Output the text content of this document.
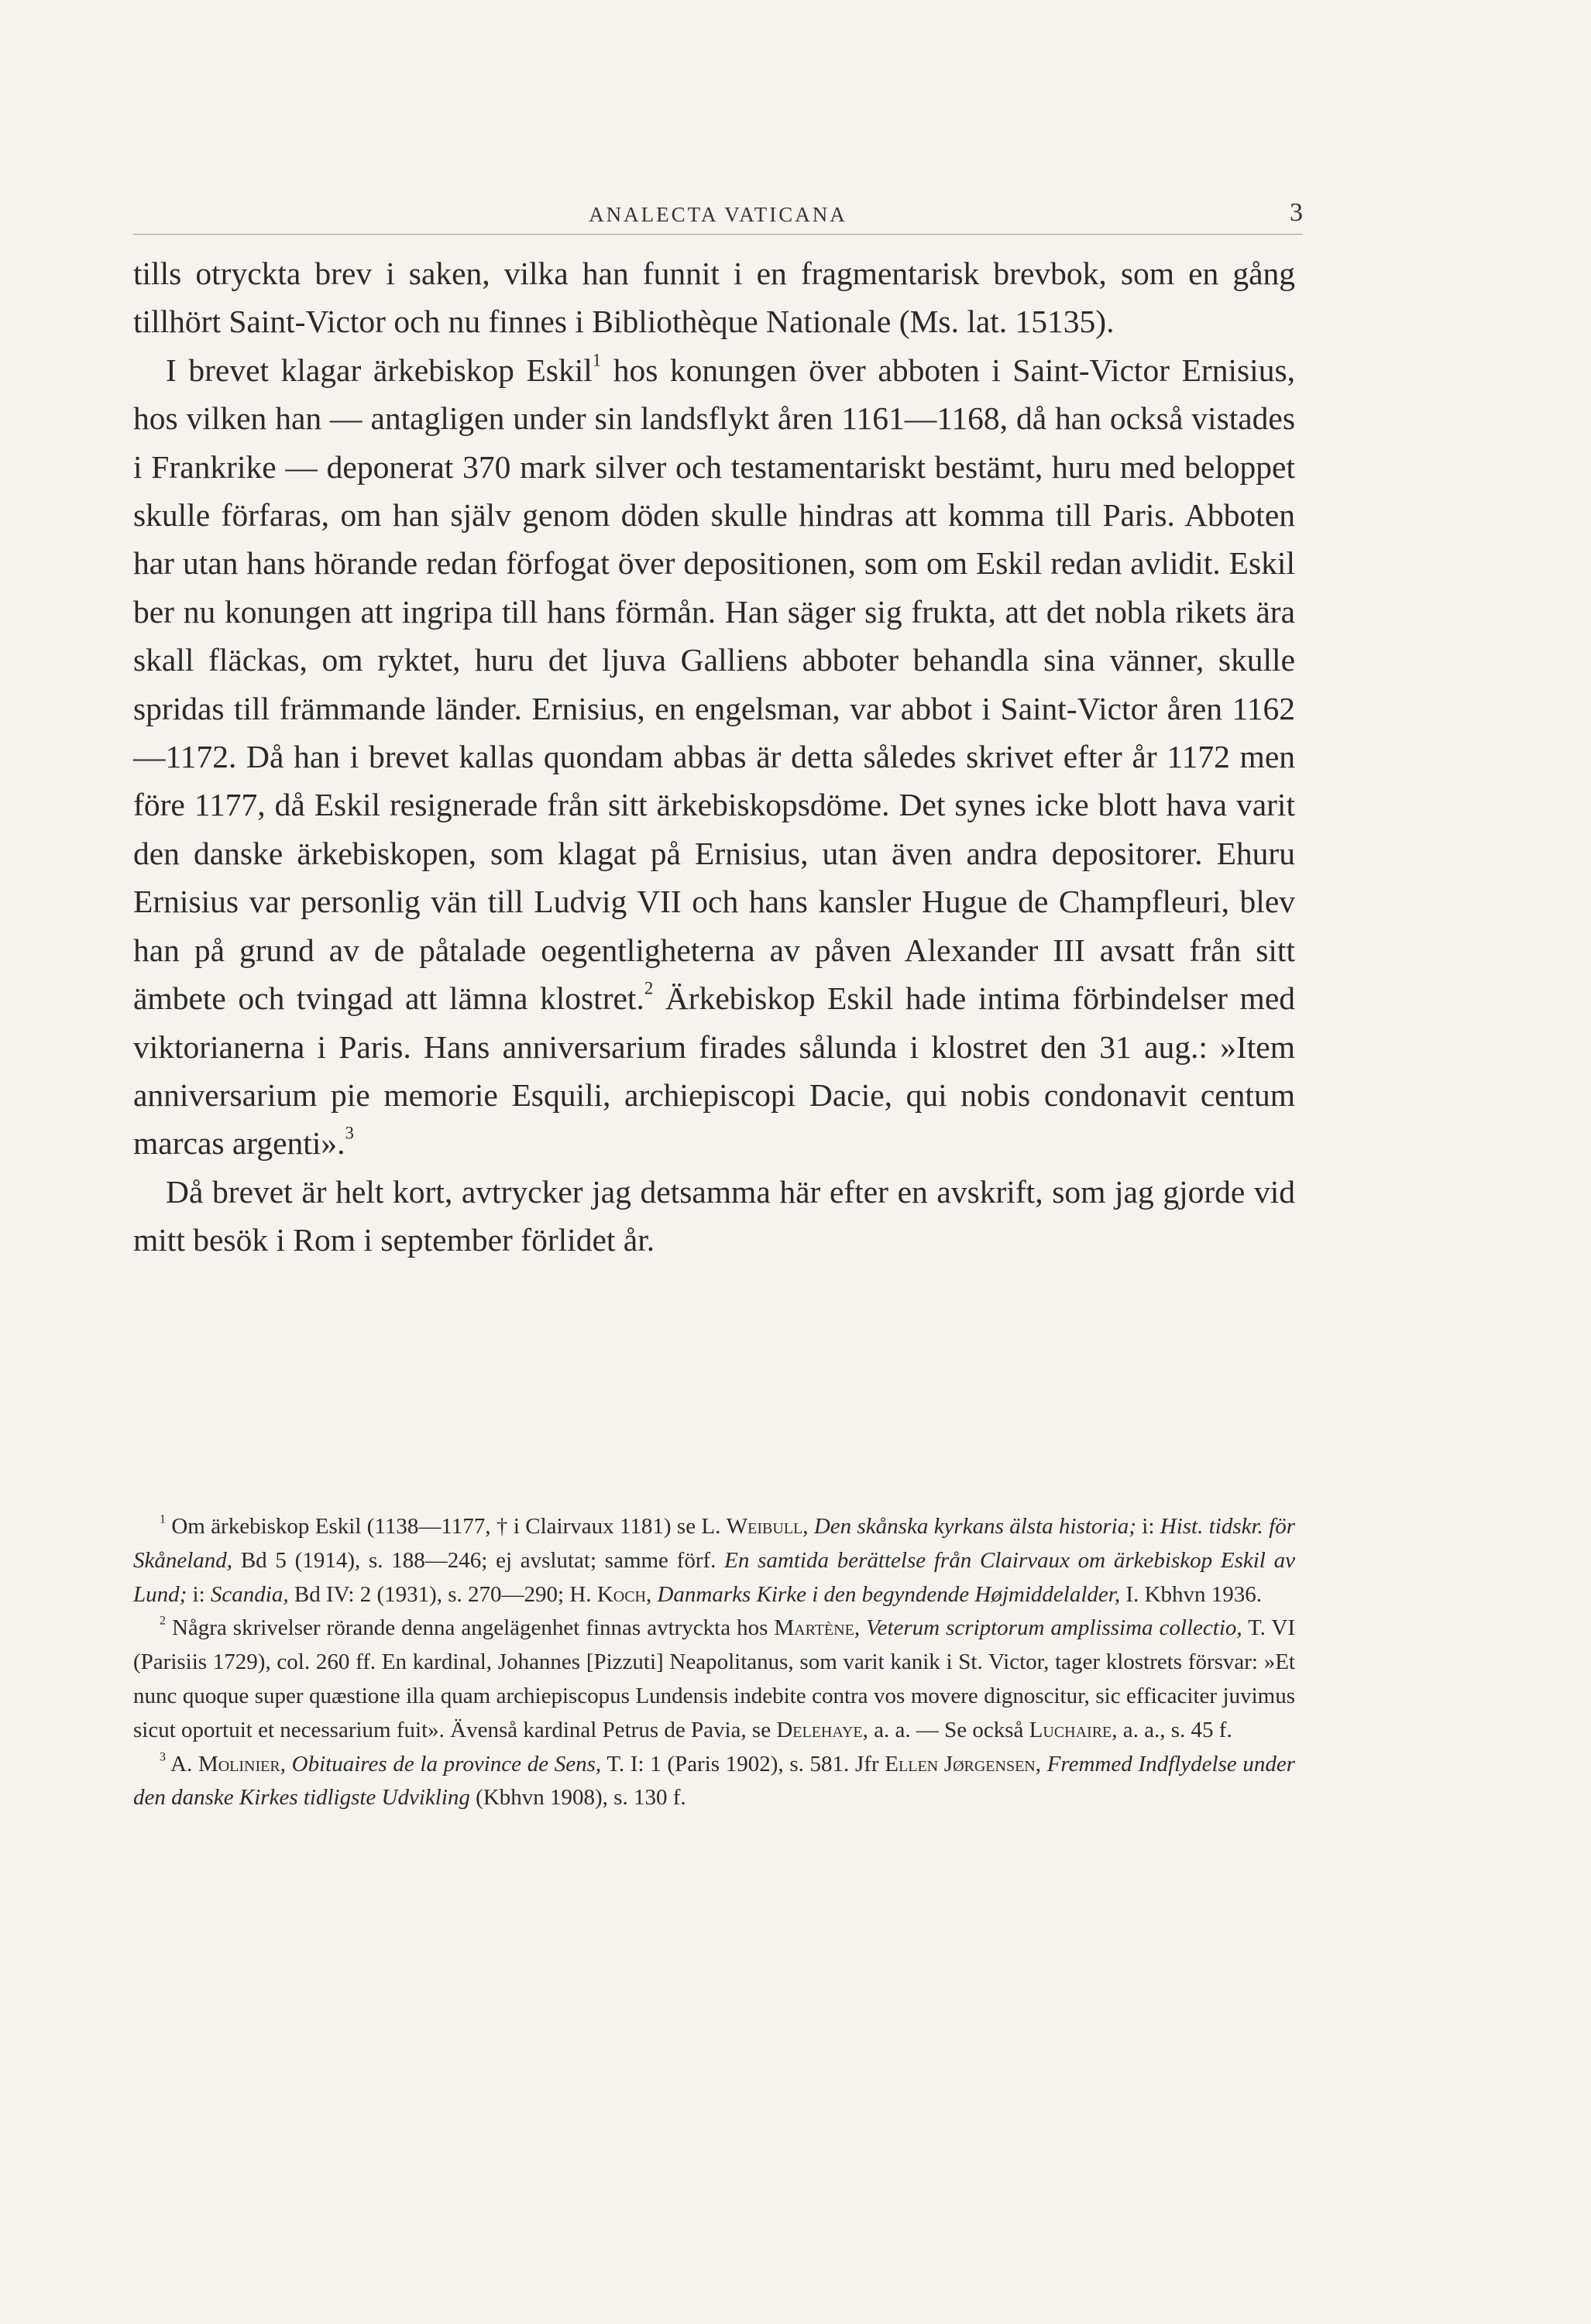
ANALECTA VATICANA	3

tills otryckta brev i saken, vilka han funnit i en fragmentarisk brevbok, som en gång tillhört Saint-Victor och nu finnes i Bibliothèque Nationale (Ms. lat. 15135).

I brevet klagar ärkebiskop Eskil$^1$ hos konungen över abboten i Saint-Victor Ernisius, hos vilken han — antagligen under sin landsflykt åren 1161—1168, då han också vistades i Frankrike — deponerat 370 mark silver och testamentariskt bestämt, huru med beloppet skulle förfaras, om han själv genom döden skulle hindras att komma till Paris. Abboten har utan hans hörande redan förfogat över depositionen, som om Eskil redan avlidit. Eskil ber nu konungen att ingripa till hans förmån. Han säger sig frukta, att det nobla rikets ära skall fläckas, om ryktet, huru det ljuva Galliens abboter behandla sina vänner, skulle spridas till främmande länder. Ernisius, en engelsman, var abbot i Saint-Victor åren 1162—1172. Då han i brevet kallas quondam abbas är detta således skrivet efter år 1172 men före 1177, då Eskil resignerade från sitt ärkebiskopsdöme. Det synes icke blott hava varit den danske ärkebiskopen, som klagat på Ernisius, utan även andra depositorer. Ehuru Ernisius var personlig vän till Ludvig VII och hans kansler Hugue de Champfleuri, blev han på grund av de påtalade oegentligheterna av påven Alexander III avsatt från sitt ämbete och tvingad att lämna klostret.$^2$ Ärkebiskop Eskil hade intima förbindelser med viktorianerna i Paris. Hans anniversarium firades sålunda i klostret den 31 aug.: »Item anniversarium pie memorie Esquili, archiepiscopi Dacie, qui nobis condonavit centum marcas argenti».$^3$

Då brevet är helt kort, avtrycker jag detsamma här efter en avskrift, som jag gjorde vid mitt besök i Rom i september förlidet år.

$^1$ Om ärkebiskop Eskil (1138—1177, † i Clairvaux 1181) se L. Weibull, Den skånska kyrkans älsta historia; i: Hist. tidskr. för Skåneland, Bd 5 (1914), s. 188—246; ej avslutat; samme förf. En samtida berättelse från Clairvaux om ärkebiskop Eskil av Lund; i: Scandia, Bd IV: 2 (1931), s. 270—290; H. Koch, Danmarks Kirke i den begyndende Højmiddelalder, I. Kbhvn 1936.

$^2$ Några skrivelser rörande denna angelägenhet finnas avtryckta hos Martène, Veterum scriptorum amplissima collectio, T. VI (Parisiis 1729), col. 260 ff. En kardinal, Johannes [Pizzuti] Neapolitanus, som varit kanik i St. Victor, tager klostrets försvar: »Et nunc quoque super quæstione illa quam archiepiscopus Lundensis indebite contra vos movere dignoscitur, sic efficaciter juvimus sicut oportuit et necessarium fuit». Ävenså kardinal Petrus de Pavia, se Delehaye, a. a. — Se också Luchaire, a. a., s. 45 f.

$^3$ A. Molinier, Obituaires de la province de Sens, T. I: 1 (Paris 1902), s. 581. Jfr Ellen Jørgensen, Fremmed Indflydelse under den danske Kirkes tidligste Udvikling (Kbhvn 1908), s. 130 f.
